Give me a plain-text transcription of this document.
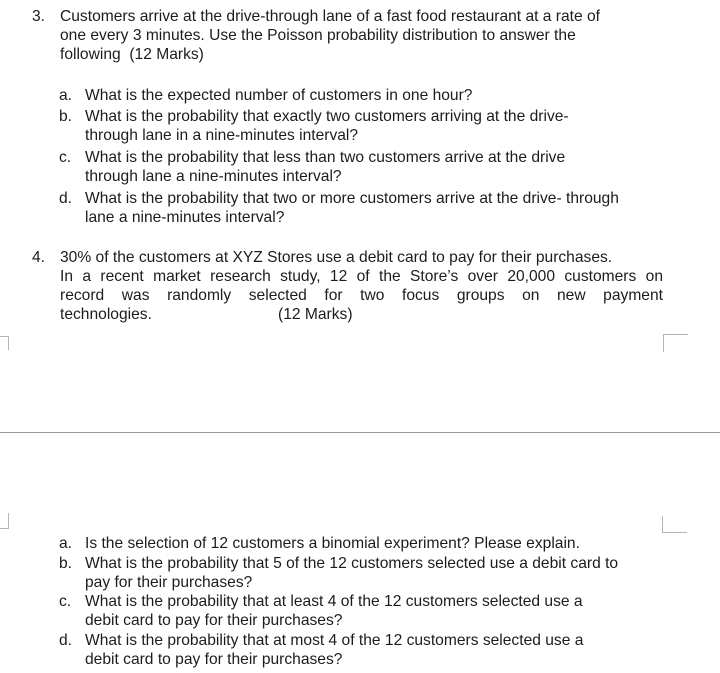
3. Customers arrive at the drive-through lane of a fast food restaurant at a rate of
one every 3 minutes. Use the Poisson probability distribution to answer the
following  (12 Marks)
a. What is the expected number of customers in one hour?
b. What is the probability that exactly two customers arriving at the drive-
through lane in a nine-minutes interval?
c. What is the probability that less than two customers arrive at the drive
through lane a nine-minutes interval?
d. What is the probability that two or more customers arrive at the drive- through
lane a nine-minutes interval?
4. 30% of the customers at XYZ Stores use a debit card to pay for their purchases.
In a recent market research study, 12 of the Store’s over 20,000 customers on
record was randomly selected for two focus groups on new payment
technologies.	(12 Marks)
a. Is the selection of 12 customers a binomial experiment? Please explain.
b. What is the probability that 5 of the 12 customers selected use a debit card to
pay for their purchases?
c. What is the probability that at least 4 of the 12 customers selected use a
debit card to pay for their purchases?
d. What is the probability that at most 4 of the 12 customers selected use a
debit card to pay for their purchases?
